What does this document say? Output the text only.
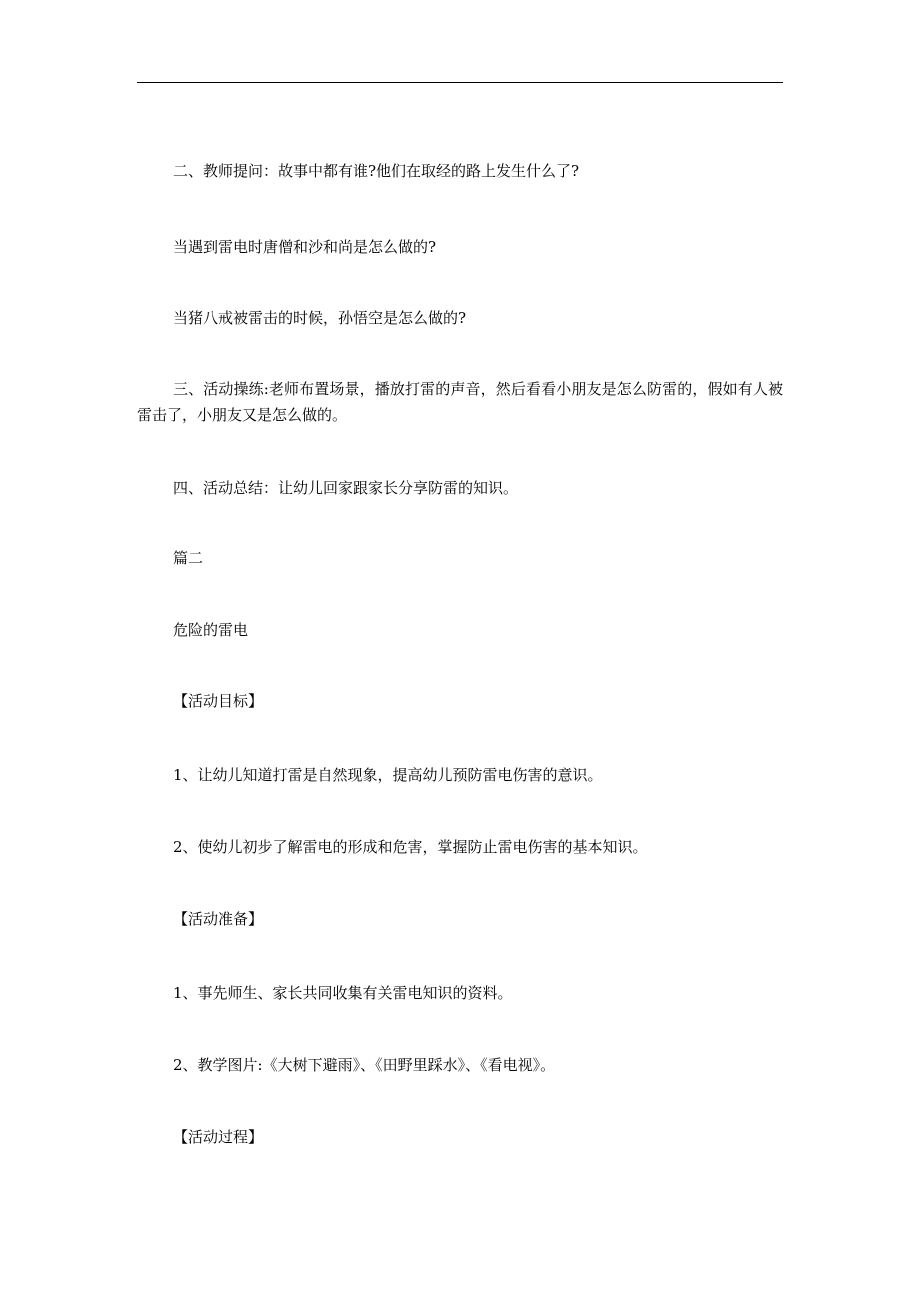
二、教师提问：故事中都有谁?他们在取经的路上发生什么了?
当遇到雷电时唐僧和沙和尚是怎么做的?
当猪八戒被雷击的时候，孙悟空是怎么做的?
三、活动操练:老师布置场景，播放打雷的声音，然后看看小朋友是怎么防雷的，假如有人被雷击了，小朋友又是怎么做的。
四、活动总结：让幼儿回家跟家长分享防雷的知识。
篇二
危险的雷电
【活动目标】
1、让幼儿知道打雷是自然现象，提高幼儿预防雷电伤害的意识。
2、使幼儿初步了解雷电的形成和危害，掌握防止雷电伤害的基本知识。
【活动准备】
1、事先师生、家长共同收集有关雷电知识的资料。
2、教学图片:《大树下避雨》、《田野里踩水》、《看电视》。
【活动过程】
